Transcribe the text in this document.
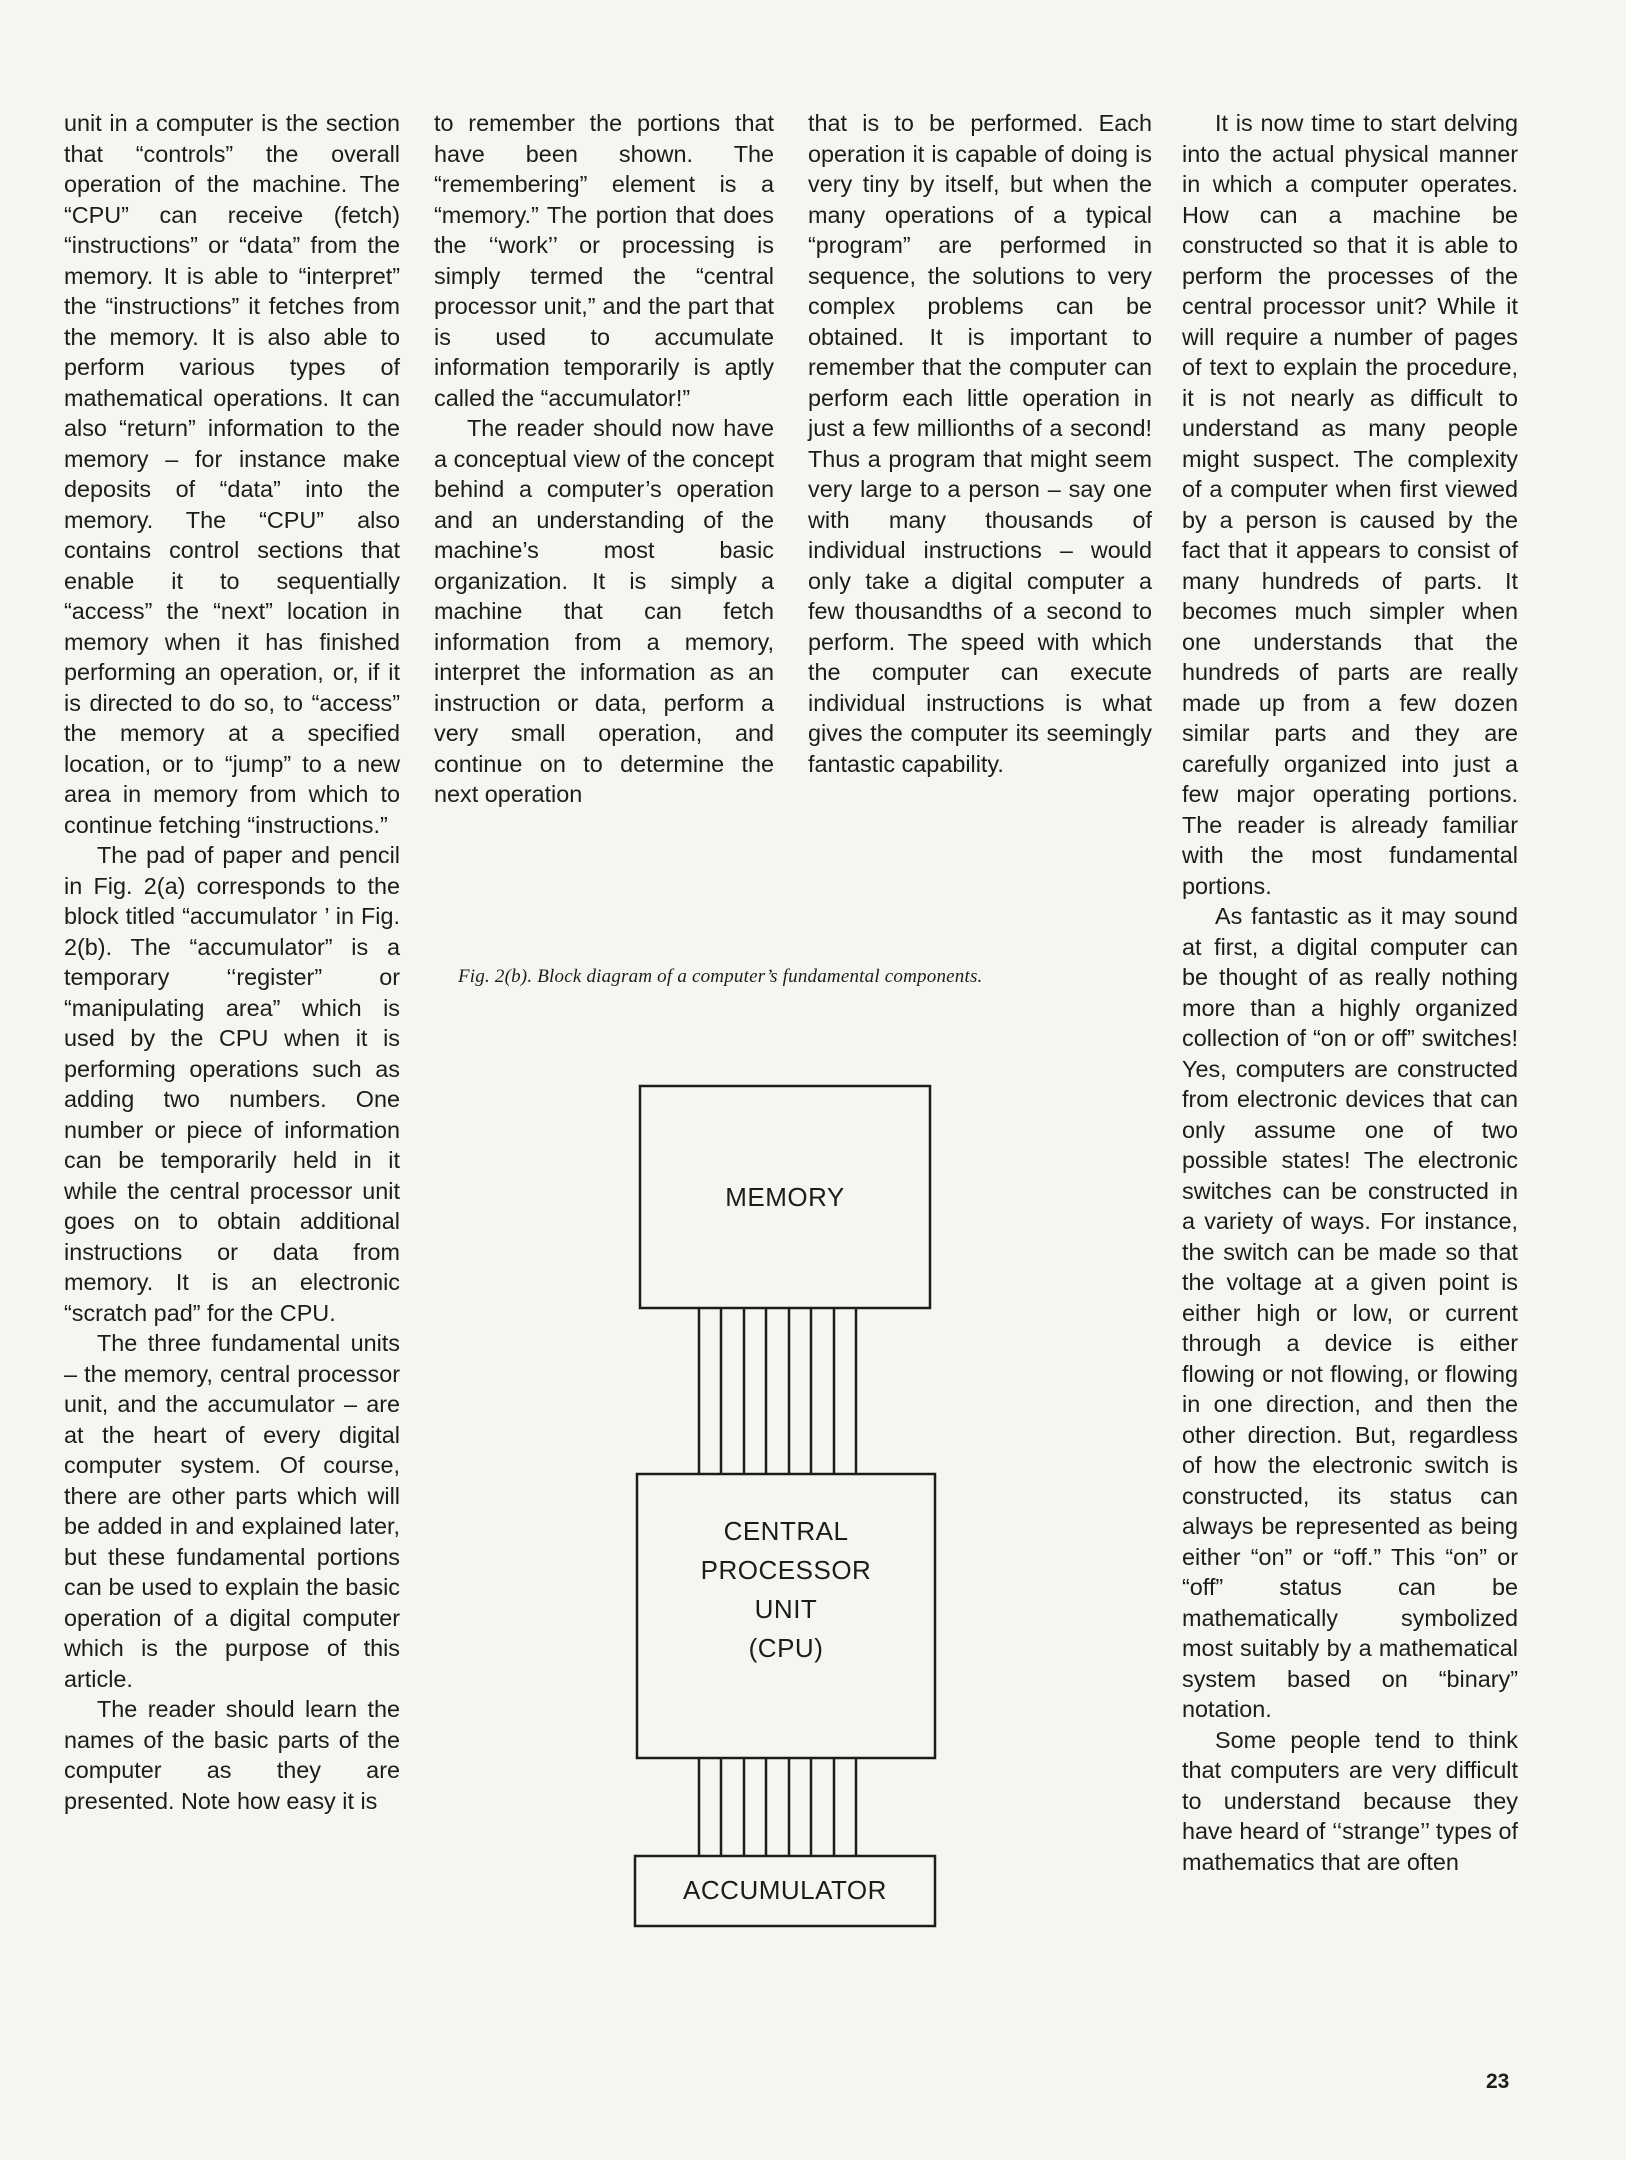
unit in a computer is the section that “controls” the overall operation of the machine. The “CPU” can receive (fetch) “instructions” or “data” from the memory. It is able to “interpret” the “instructions” it fetches from the memory. It is also able to perform various types of mathematical operations. It can also “return” information to the memory – for instance make deposits of “data” into the memory. The “CPU” also contains control sections that enable it to sequentially “access” the “next” location in memory when it has finished performing an operation, or, if it is directed to do so, to “access” the memory at a specified location, or to “jump” to a new area in memory from which to continue fetching “instructions.”

The pad of paper and pencil in Fig. 2(a) corresponds to the block titled “accumulator ’ in Fig. 2(b). The “accumulator” is a temporary ‘‘register” or “manipulating area” which is used by the CPU when it is performing operations such as adding two numbers. One number or piece of information can be temporarily held in it while the central processor unit goes on to obtain additional instructions or data from memory. It is an electronic “scratch pad” for the CPU.

The three fundamental units – the memory, central processor unit, and the accumulator – are at the heart of every digital computer system. Of course, there are other parts which will be added in and explained later, but these fundamental portions can be used to explain the basic operation of a digital computer which is the purpose of this article.

The reader should learn the names of the basic parts of the computer as they are presented. Note how easy it is

to remember the portions that have been shown. The “remembering” element is a “memory.” The portion that does the ‘‘work’’ or processing is simply termed the “central processor unit,” and the part that is used to accumulate information temporarily is aptly called the “accumulator!”

The reader should now have a conceptual view of the concept behind a computer’s operation and an understanding of the machine’s most basic organization. It is simply a machine that can fetch information from a memory, interpret the information as an instruction or data, perform a very small operation, and continue on to determine the next operation

that is to be performed. Each operation it is capable of doing is very tiny by itself, but when the many operations of a typical “program” are performed in sequence, the solutions to very complex problems can be obtained. It is important to remember that the computer can perform each little operation in just a few millionths of a second! Thus a program that might seem very large to a person – say one with many thousands of individual instructions – would only take a digital computer a few thousandths of a second to perform. The speed with which the computer can execute individual instructions is what gives the computer its seemingly fantastic capability.

It is now time to start delving into the actual physical manner in which a computer operates. How can a machine be constructed so that it is able to perform the processes of the central processor unit? While it will require a number of pages of text to explain the procedure, it is not nearly as difficult to understand as many people might suspect. The complexity of a computer when first viewed by a person is caused by the fact that it appears to consist of many hundreds of parts. It becomes much simpler when one understands that the hundreds of parts are really made up from a few dozen similar parts and they are carefully organized into just a few major operating portions. The reader is already familiar with the most fundamental portions.

As fantastic as it may sound at first, a digital computer can be thought of as really nothing more than a highly organized collection of “on or off” switches! Yes, computers are constructed from electronic devices that can only assume one of two possible states! The electronic switches can be constructed in a variety of ways. For instance, the switch can be made so that the voltage at a given point is either high or low, or current through a device is either flowing or not flowing, or flowing in one direction, and then the other direction. But, regardless of how the electronic switch is constructed, its status can always be represented as being either “on” or “off.” This “on” or “off” status can be mathematically symbolized most suitably by a mathematical system based on “binary” notation.

Some people tend to think that computers are very difficult to understand because they have heard of ‘‘strange’’ types of mathematics that are often

Fig. 2(b). Block diagram of a computer’s fundamental components.
MEMORY
CENTRAL
PROCESSOR
UNIT
(CPU)
ACCUMULATOR
23
